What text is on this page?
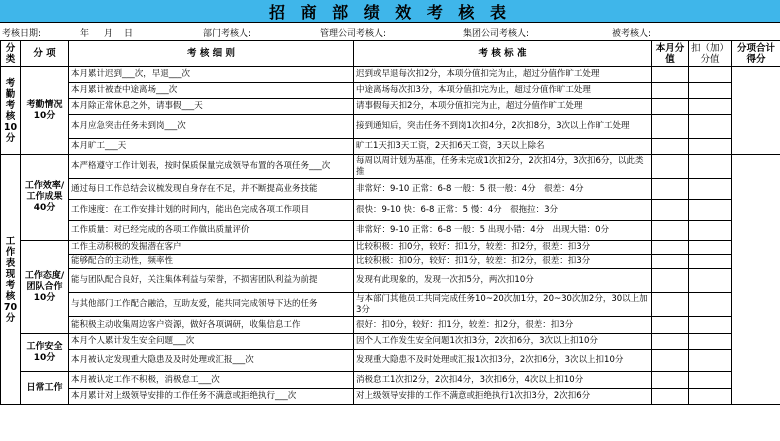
招 商 部 绩 效 考 核 表
考核日期:	年 月 日	部门考核人:	管理公司考核人:	集团公司考核人:	被考核人:
分类	分 项	考 核 细 则	考 核 标 准	本月分值	扣（加）分值	分项合计得分
考勤考核10分	考勤情况10分	本月累计迟到___次，早退___次	迟到或早退每次扣2分，本项分值扣完为止，超过分值作旷工处理			
		本月累计被查中途离场___次	中途离场每次扣3分，本项分值扣完为止，超过分值作旷工处理			
		本月除正常休息之外，请事假___天	请事假每天扣2分，本项分值扣完为止，超过分值作旷工处理			
		本月应急突击任务未到岗___次	接到通知后，突击任务不到岗1次扣4分，2次扣8分，3次以上作旷工处理			
		本月旷工___天	旷工1天扣3天工资，2天扣6天工资，3天以上除名			
工作表现考核70分	工作效率/工作成果 40分	本严格遵守工作计划表，按时保质保量完成领导布置的各项任务___次	每周以周计划为基准，任务未完成1次扣2分，2次扣4分，3次扣6分，以此类推			
		通过每日工作总结会议梳发现自身存在不足，并不断提高业务技能	非常好：9-10 正常：6-8 一般：5 很一般：4分　很差：4分			
		工作速度：在工作安排计划的时间内，能出色完成各项工作项目	很快：9-10 快：6-8 正常：5 慢：4分　很拖拉：3分			
		工作质量：对已经完成的各项工作做出质量评价	非常好：9-10 正常：6-8 一般：5 出现小错：4分　出现大错：0分			
	工作态度/团队合作10分	工作主动积极的发掘潜在客户	比较积极：扣0分，较好：扣1分，较差：扣2分，很差：扣3分			
		能够配合的主动性，频率性	比较积极：扣0分，较好：扣1分，较差：扣2分，很差：扣3分			
		能与团队配合良好，关注集体利益与荣誉，不损害团队利益为前提	发现有此现象的，发现一次扣5分，两次扣10分			
		与其他部门工作配合融洽，互助友爱，能共同完成领导下达的任务	与本部门其他员工共同完成任务10~20次加1分，20~30次加2分，30以上加3分			
		能积极主动收集周边客户资源，做好各项调研，收集信息工作	很好：扣0分，较好：扣1分，较差：扣2分，很差：扣3分			
	工作安全10分	本月个人累计发生安全问题___次	因个人工作发生安全问题1次扣3分，2次扣6分，3次以上扣10分			
		本月被认定发现重大隐患及及时处理或汇报___次	发现重大隐患不及时处理或汇报1次扣3分，2次扣6分，3次以上扣10分			
	日常工作	本月被认定工作不积极，消极怠工___次	消极怠工1次扣2分，2次扣4分，3次扣6分，4次以上扣10分			
		本月累计对上级领导安排的工作任务不满意或拒绝执行___次	对上级领导安排的工作不满意或拒绝执行1次扣3分，2次扣6分			
